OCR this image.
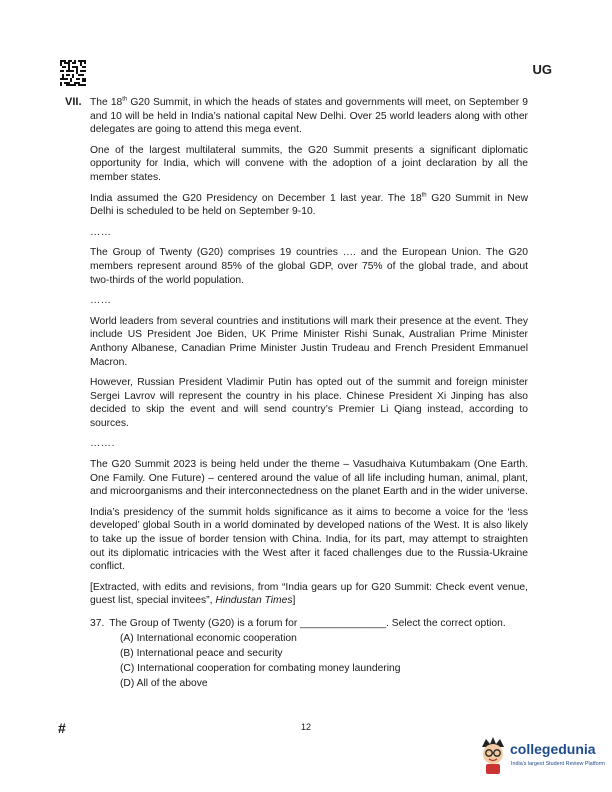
UG
VII. The 18th G20 Summit, in which the heads of states and governments will meet, on September 9 and 10 will be held in India’s national capital New Delhi. Over 25 world leaders along with other delegates are going to attend this mega event.

One of the largest multilateral summits, the G20 Summit presents a significant diplomatic opportunity for India, which will convene with the adoption of a joint declaration by all the member states.

India assumed the G20 Presidency on December 1 last year. The 18th G20 Summit in New Delhi is scheduled to be held on September 9-10.

……

The Group of Twenty (G20) comprises 19 countries …. and the European Union. The G20 members represent around 85% of the global GDP, over 75% of the global trade, and about two-thirds of the world population.

……

World leaders from several countries and institutions will mark their presence at the event. They include US President Joe Biden, UK Prime Minister Rishi Sunak, Australian Prime Minister Anthony Albanese, Canadian Prime Minister Justin Trudeau and French President Emmanuel Macron.

However, Russian President Vladimir Putin has opted out of the summit and foreign minister Sergei Lavrov will represent the country in his place. Chinese President Xi Jinping has also decided to skip the event and will send country’s Premier Li Qiang instead, according to sources.

…….

The G20 Summit 2023 is being held under the theme – Vasudhaiva Kutumbakam (One Earth. One Family. One Future) – centered around the value of all life including human, animal, plant, and microorganisms and their interconnectedness on the planet Earth and in the wider universe.

India’s presidency of the summit holds significance as it aims to become a voice for the ‘less developed’ global South in a world dominated by developed nations of the West. It is also likely to take up the issue of border tension with China. India, for its part, may attempt to straighten out its diplomatic intricacies with the West after it faced challenges due to the Russia-Ukraine conflict.

[Extracted, with edits and revisions, from “India gears up for G20 Summit: Check event venue, guest list, special invitees”, Hindustan Times]

37. The Group of Twenty (G20) is a forum for _______________. Select the correct option.
(A) International economic cooperation
(B) International peace and security
(C) International cooperation for combating money laundering
(D) All of the above
#	12
collegedunia
India's largest Student Review Platform
